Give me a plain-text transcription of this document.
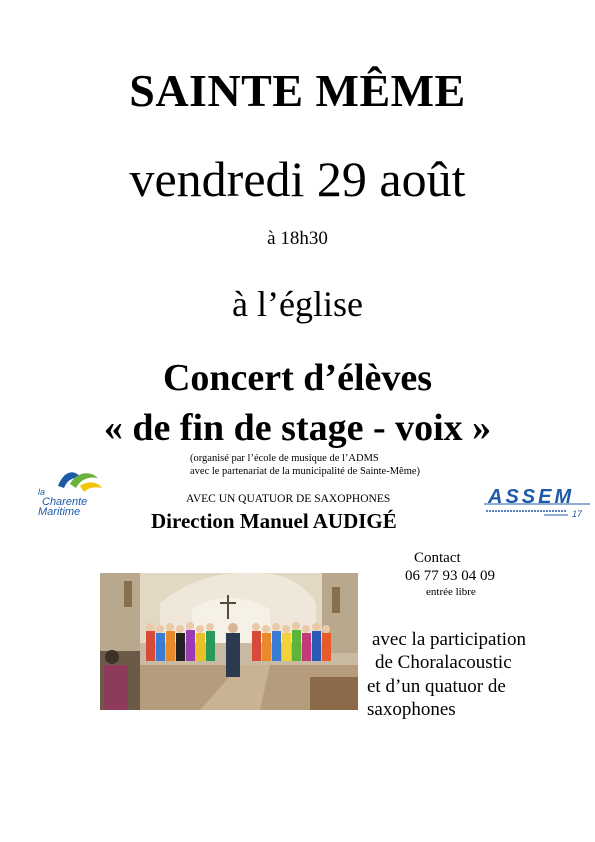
SAINTE MÊME
vendredi 29 août
à 18h30
à l’église
Concert d’élèves
« de fin de stage - voix »
(organisé par l’école de musique de l’ADMS
avec le partenariat de la municipalité de Sainte-Même)
la
Charente
Maritime
AVEC UN QUATUOR DE SAXOPHONES
Direction Manuel AUDIGÉ
ASSEM
17
Contact
06 77 93 04 09
entrée libre
avec la participation
de Choralacoustic
et d’un quatuor de
saxophones
